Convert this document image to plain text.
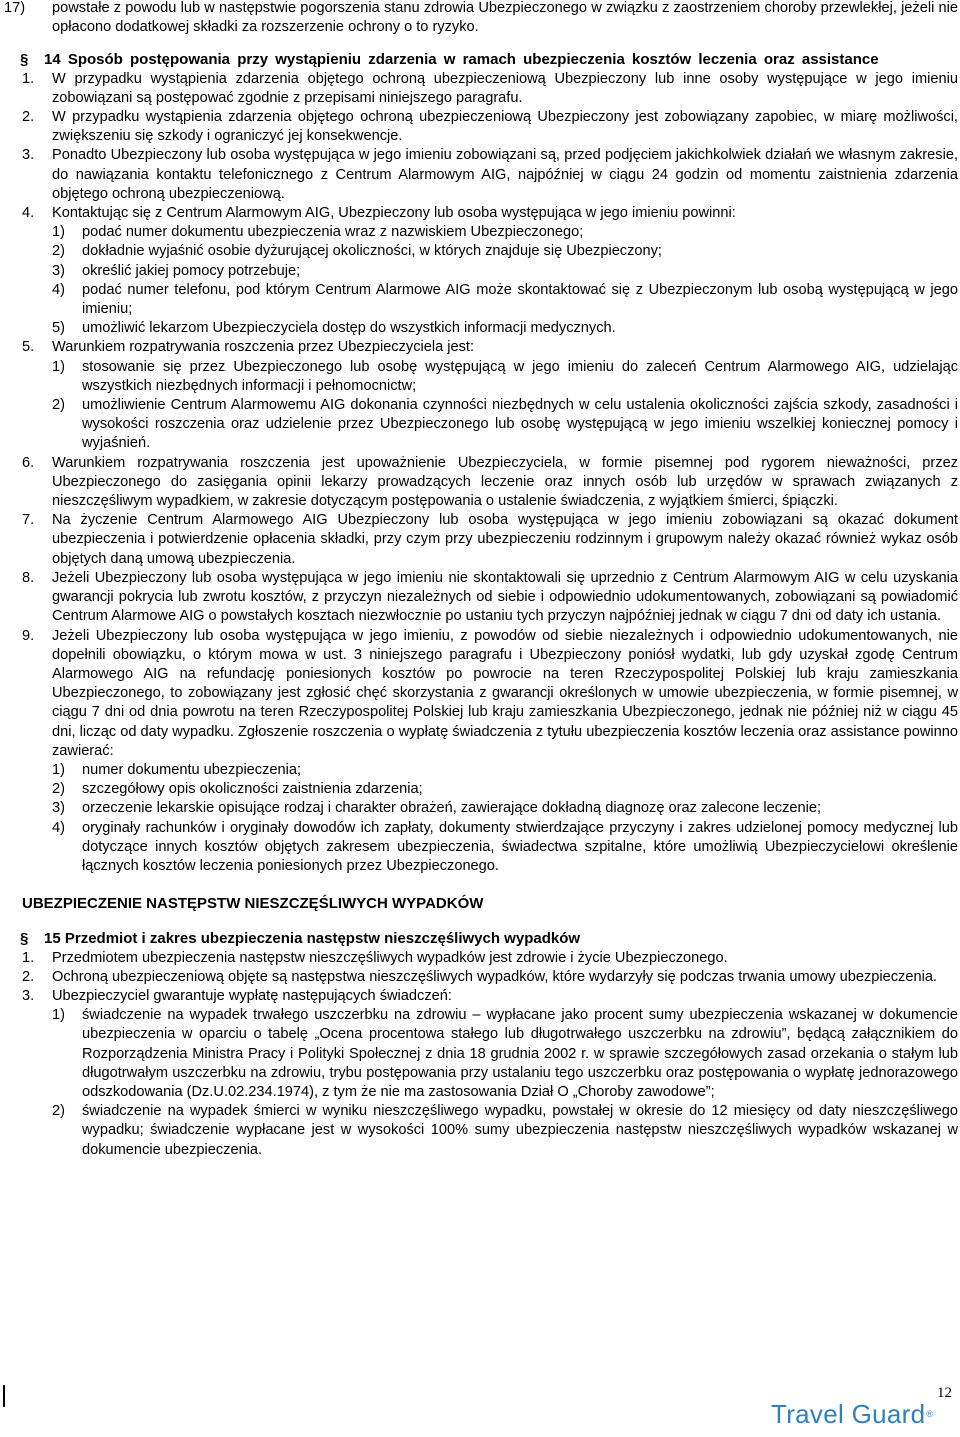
17)	powstałe z powodu lub w następstwie pogorszenia stanu zdrowia Ubezpieczonego w związku z zaostrzeniem choroby przewlekłej, jeżeli nie opłacono dodatkowej składki za rozszerzenie ochrony o to ryzyko.
§	14 Sposób postępowania przy wystąpieniu zdarzenia w ramach ubezpieczenia kosztów leczenia oraz assistance
1.	W przypadku wystąpienia zdarzenia objętego ochroną ubezpieczeniową Ubezpieczony lub inne osoby występujące w jego imieniu zobowiązani są postępować zgodnie z przepisami niniejszego paragrafu.
2.	W przypadku wystąpienia zdarzenia objętego ochroną ubezpieczeniową Ubezpieczony jest zobowiązany zapobiec, w miarę możliwości, zwiększeniu się szkody i ograniczyć jej konsekwencje.
3.	Ponadto Ubezpieczony lub osoba występująca w jego imieniu zobowiązani są, przed podjęciem jakichkolwiek działań we własnym zakresie, do nawiązania kontaktu telefonicznego z Centrum Alarmowym AIG, najpóźniej w ciągu 24 godzin od momentu zaistnienia zdarzenia objętego ochroną ubezpieczeniową.
4.	Kontaktując się z Centrum Alarmowym AIG, Ubezpieczony lub osoba występująca w jego imieniu powinni:
1)	podać numer dokumentu ubezpieczenia wraz z nazwiskiem Ubezpieczonego;
2)	dokładnie wyjaśnić osobie dyżurującej okoliczności, w których znajduje się Ubezpieczony;
3)	określić jakiej pomocy potrzebuje;
4)	podać numer telefonu, pod którym Centrum Alarmowe AIG może skontaktować się z Ubezpieczonym lub osobą występującą w jego imieniu;
5)	umożliwić lekarzom Ubezpieczyciela dostęp do wszystkich informacji medycznych.
5.	Warunkiem rozpatrywania roszczenia przez Ubezpieczyciela jest:
1)	stosowanie się przez Ubezpieczonego lub osobę występującą w jego imieniu do zaleceń Centrum Alarmowego AIG, udzielając wszystkich niezbędnych informacji i pełnomocnictw;
2)	umożliwienie Centrum Alarmowemu AIG dokonania czynności niezbędnych w celu ustalenia okoliczności zajścia szkody, zasadności i wysokości roszczenia oraz udzielenie przez Ubezpieczonego lub osobę występującą w jego imieniu wszelkiej koniecznej pomocy i wyjaśnień.
6.	Warunkiem rozpatrywania roszczenia jest upoważnienie Ubezpieczyciela, w formie pisemnej pod rygorem nieważności, przez Ubezpieczonego do zasięgania opinii lekarzy prowadzących leczenie oraz innych osób lub urzędów w sprawach związanych z nieszczęśliwym wypadkiem, w zakresie dotyczącym postępowania o ustalenie świadczenia, z wyjątkiem śmierci, śpiączki.
7.	Na życzenie Centrum Alarmowego AIG Ubezpieczony lub osoba występująca w jego imieniu zobowiązani są okazać dokument ubezpieczenia i potwierdzenie opłacenia składki, przy czym przy ubezpieczeniu rodzinnym i grupowym należy okazać również wykaz osób objętych daną umową ubezpieczenia.
8.	Jeżeli Ubezpieczony lub osoba występująca w jego imieniu nie skontaktowali się uprzednio z Centrum Alarmowym AIG w celu uzyskania gwarancji pokrycia lub zwrotu kosztów, z przyczyn niezależnych od siebie i odpowiednio udokumentowanych, zobowiązani są powiadomić Centrum Alarmowe AIG o powstałych kosztach niezwłocznie po ustaniu tych przyczyn najpóźniej jednak w ciągu 7 dni od daty ich ustania.
9.	Jeżeli Ubezpieczony lub osoba występująca w jego imieniu, z powodów od siebie niezależnych i odpowiednio udokumentowanych, nie dopełnili obowiązku, o którym mowa w ust. 3 niniejszego paragrafu i Ubezpieczony poniósł wydatki, lub gdy uzyskał zgodę Centrum Alarmowego AIG na refundację poniesionych kosztów po powrocie na teren Rzeczypospolitej Polskiej lub kraju zamieszkania Ubezpieczonego, to zobowiązany jest zgłosić chęć skorzystania z gwarancji określonych w umowie ubezpieczenia, w formie pisemnej, w ciągu 7 dni od dnia powrotu na teren Rzeczypospolitej Polskiej lub kraju zamieszkania Ubezpieczonego, jednak nie później niż w ciągu 45 dni, licząc od daty wypadku. Zgłoszenie roszczenia o wypłatę świadczenia z tytułu ubezpieczenia kosztów leczenia oraz assistance powinno zawierać:
1)	numer dokumentu ubezpieczenia;
2)	szczegółowy opis okoliczności zaistnienia zdarzenia;
3)	orzeczenie lekarskie opisujące rodzaj i charakter obrażeń, zawierające dokładną diagnozę oraz zalecone leczenie;
4)	oryginały rachunków i oryginały dowodów ich zapłaty, dokumenty stwierdzające przyczyny i zakres udzielonej pomocy medycznej lub dotyczące innych kosztów objętych zakresem ubezpieczenia, świadectwa szpitalne, które umożliwią Ubezpieczycielowi określenie łącznych kosztów leczenia poniesionych przez Ubezpieczonego.
UBEZPIECZENIE NASTĘPSTW NIESZCZĘŚLIWYCH WYPADKÓW
§	15 Przedmiot i zakres ubezpieczenia następstw nieszczęśliwych wypadków
1.	Przedmiotem ubezpieczenia następstw nieszczęśliwych wypadków jest zdrowie i życie Ubezpieczonego.
2.	Ochroną ubezpieczeniową objęte są następstwa nieszczęśliwych wypadków, które wydarzyły się podczas trwania umowy ubezpieczenia.
3.	Ubezpieczyciel gwarantuje wypłatę następujących świadczeń:
1)	świadczenie na wypadek trwałego uszczerbku na zdrowiu – wypłacane jako procent sumy ubezpieczenia wskazanej w dokumencie ubezpieczenia w oparciu o tabelę „Ocena procentowa stałego lub długotrwałego uszczerbku na zdrowiu”, będącą załącznikiem do Rozporządzenia Ministra Pracy i Polityki Społecznej z dnia 18 grudnia 2002 r. w sprawie szczegółowych zasad orzekania o stałym lub długotrwałym uszczerbku na zdrowiu, trybu postępowania przy ustalaniu tego uszczerbku oraz postępowania o wypłatę jednorazowego odszkodowania (Dz.U.02.234.1974), z tym że nie ma zastosowania Dział O „Choroby zawodowe”;
2)	świadczenie na wypadek śmierci w wyniku nieszczęśliwego wypadku, powstałej w okresie do 12 miesięcy od daty nieszczęśliwego wypadku; świadczenie wypłacane jest w wysokości 100% sumy ubezpieczenia następstw nieszczęśliwych wypadków wskazanej w dokumencie ubezpieczenia.
12
Travel Guard®
